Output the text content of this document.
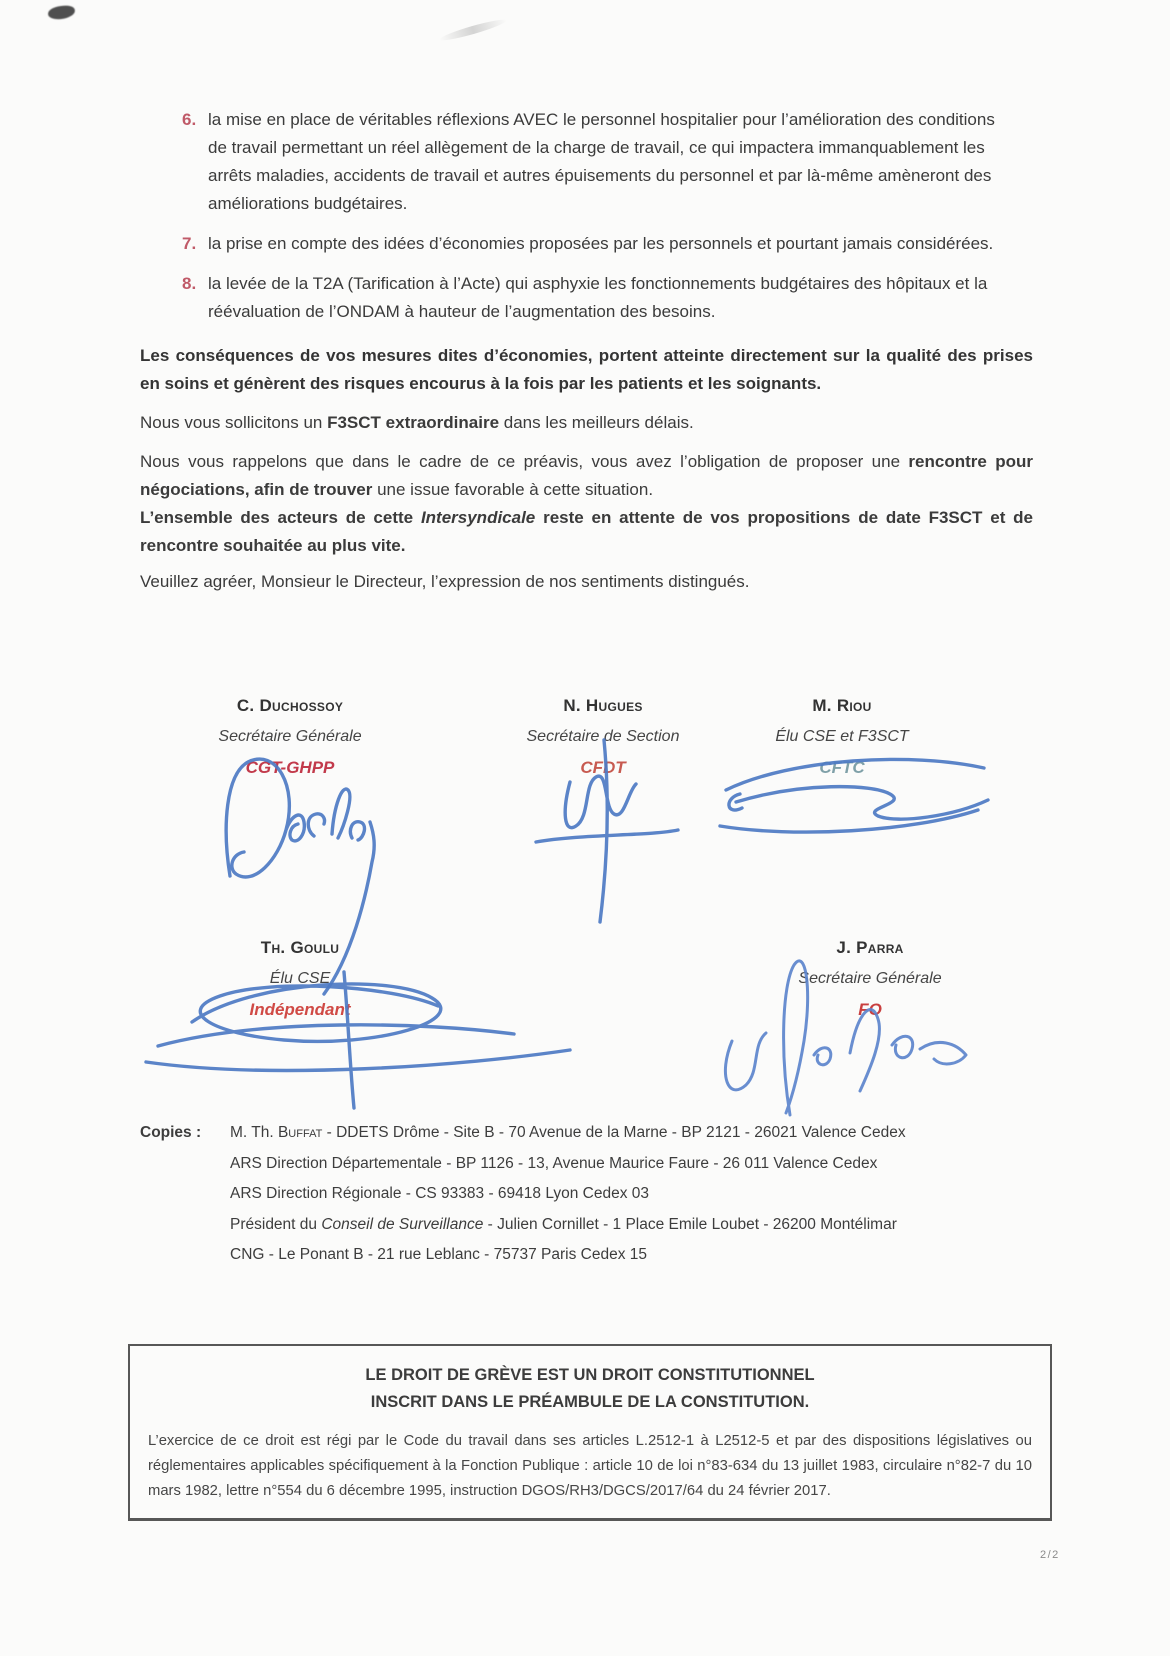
6. la mise en place de véritables réflexions AVEC le personnel hospitalier pour l’amélioration des conditions de travail permettant un réel allègement de la charge de travail, ce qui impactera immanquablement les arrêts maladies, accidents de travail et autres épuisements du personnel et par là-même amèneront des améliorations budgétaires.
7. la prise en compte des idées d’économies proposées par les personnels et pourtant jamais considérées.
8. la levée de la T2A (Tarification à l’Acte) qui asphyxie les fonctionnements budgétaires des hôpitaux et la réévaluation de l’ONDAM à hauteur de l’augmentation des besoins.

Les conséquences de vos mesures dites d’économies, portent atteinte directement sur la qualité des prises en soins et génèrent des risques encourus à la fois par les patients et les soignants.

Nous vous sollicitons un F3SCT extraordinaire dans les meilleurs délais.

Nous vous rappelons que dans le cadre de ce préavis, vous avez l’obligation de proposer une rencontre pour négociations, afin de trouver une issue favorable à cette situation.

L’ensemble des acteurs de cette Intersyndicale reste en attente de vos propositions de date F3SCT et de rencontre souhaitée au plus vite.

Veuillez agréer, Monsieur le Directeur, l’expression de nos sentiments distingués.

C. Duchossoy
Secrétaire Générale
CGT-GHPP
N. Hugues
Secrétaire de Section
CFDT
M. Riou
Élu CSE et F3SCT
CFTC
Th. Goulu
Élu CSE
Indépendant
J. Parra
Secrétaire Générale
FO
Copies :	M. Th. Buffat - DDETS Drôme - Site B - 70 Avenue de la Marne - BP 2121 - 26021 Valence Cedex
ARS Direction Départementale - BP 1126 - 13, Avenue Maurice Faure - 26 011 Valence Cedex
ARS Direction Régionale - CS 93383 - 69418 Lyon Cedex 03
Président du Conseil de Surveillance - Julien Cornillet - 1 Place Emile Loubet - 26200 Montélimar
CNG - Le Ponant B - 21 rue Leblanc - 75737 Paris Cedex 15
LE DROIT DE GRÈVE EST UN DROIT CONSTITUTIONNEL
INSCRIT DANS LE PRÉAMBULE DE LA CONSTITUTION.
L’exercice de ce droit est régi par le Code du travail dans ses articles L.2512-1 à L2512-5 et par des dispositions législatives ou réglementaires applicables spécifiquement à la Fonction Publique : article 10 de loi n°83-634 du 13 juillet 1983, circulaire n°82-7 du 10 mars 1982, lettre n°554 du 6 décembre 1995, instruction DGOS/RH3/DGCS/2017/64 du 24 février 2017.
2/2
